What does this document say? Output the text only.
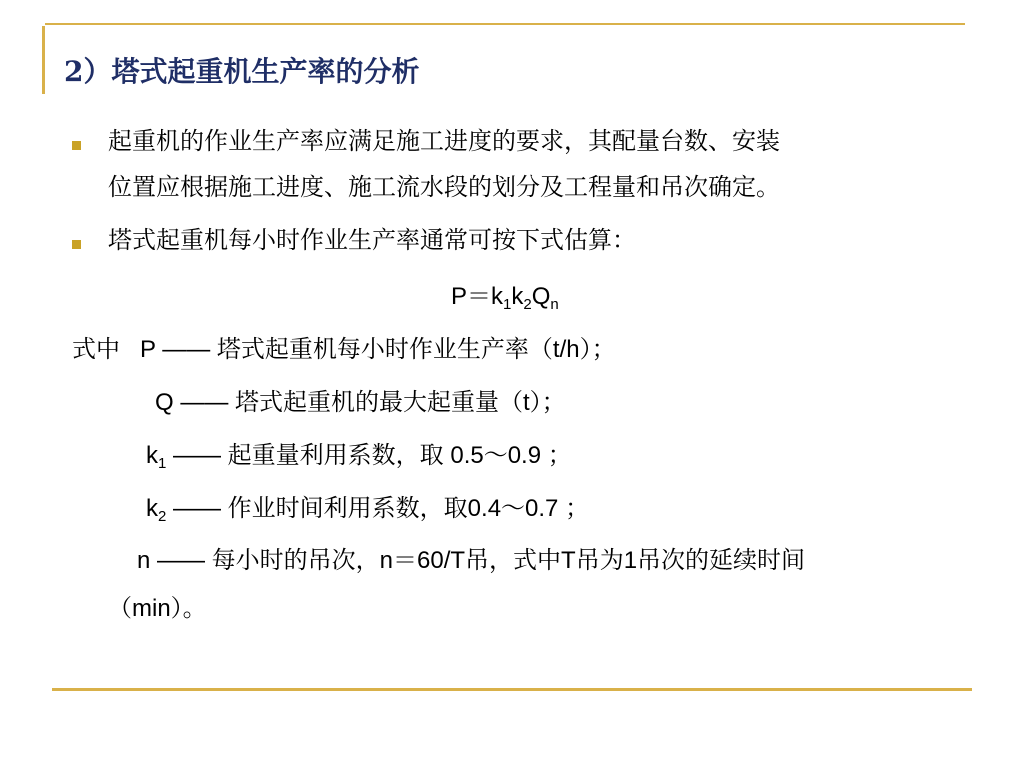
2）塔式起重机生产率的分析
起重机的作业生产率应满足施工进度的要求，其配量台数、安装
位置应根据施工进度、施工流水段的划分及工程量和吊次确定。
塔式起重机每小时作业生产率通常可按下式估算：
$P=k_1k_2Q_n$
式中 P —— 塔式起重机每小时作业生产率（t/h）；
Q —— 塔式起重机的最大起重量（t）；
$k_1$ —— 起重量利用系数，取 0.5～0.9 ；
$k_2$ —— 作业时间利用系数，取0.4～0.7 ；
n —— 每小时的吊次，n＝60/T吊，式中T吊为1吊次的延续时间
（min）。
